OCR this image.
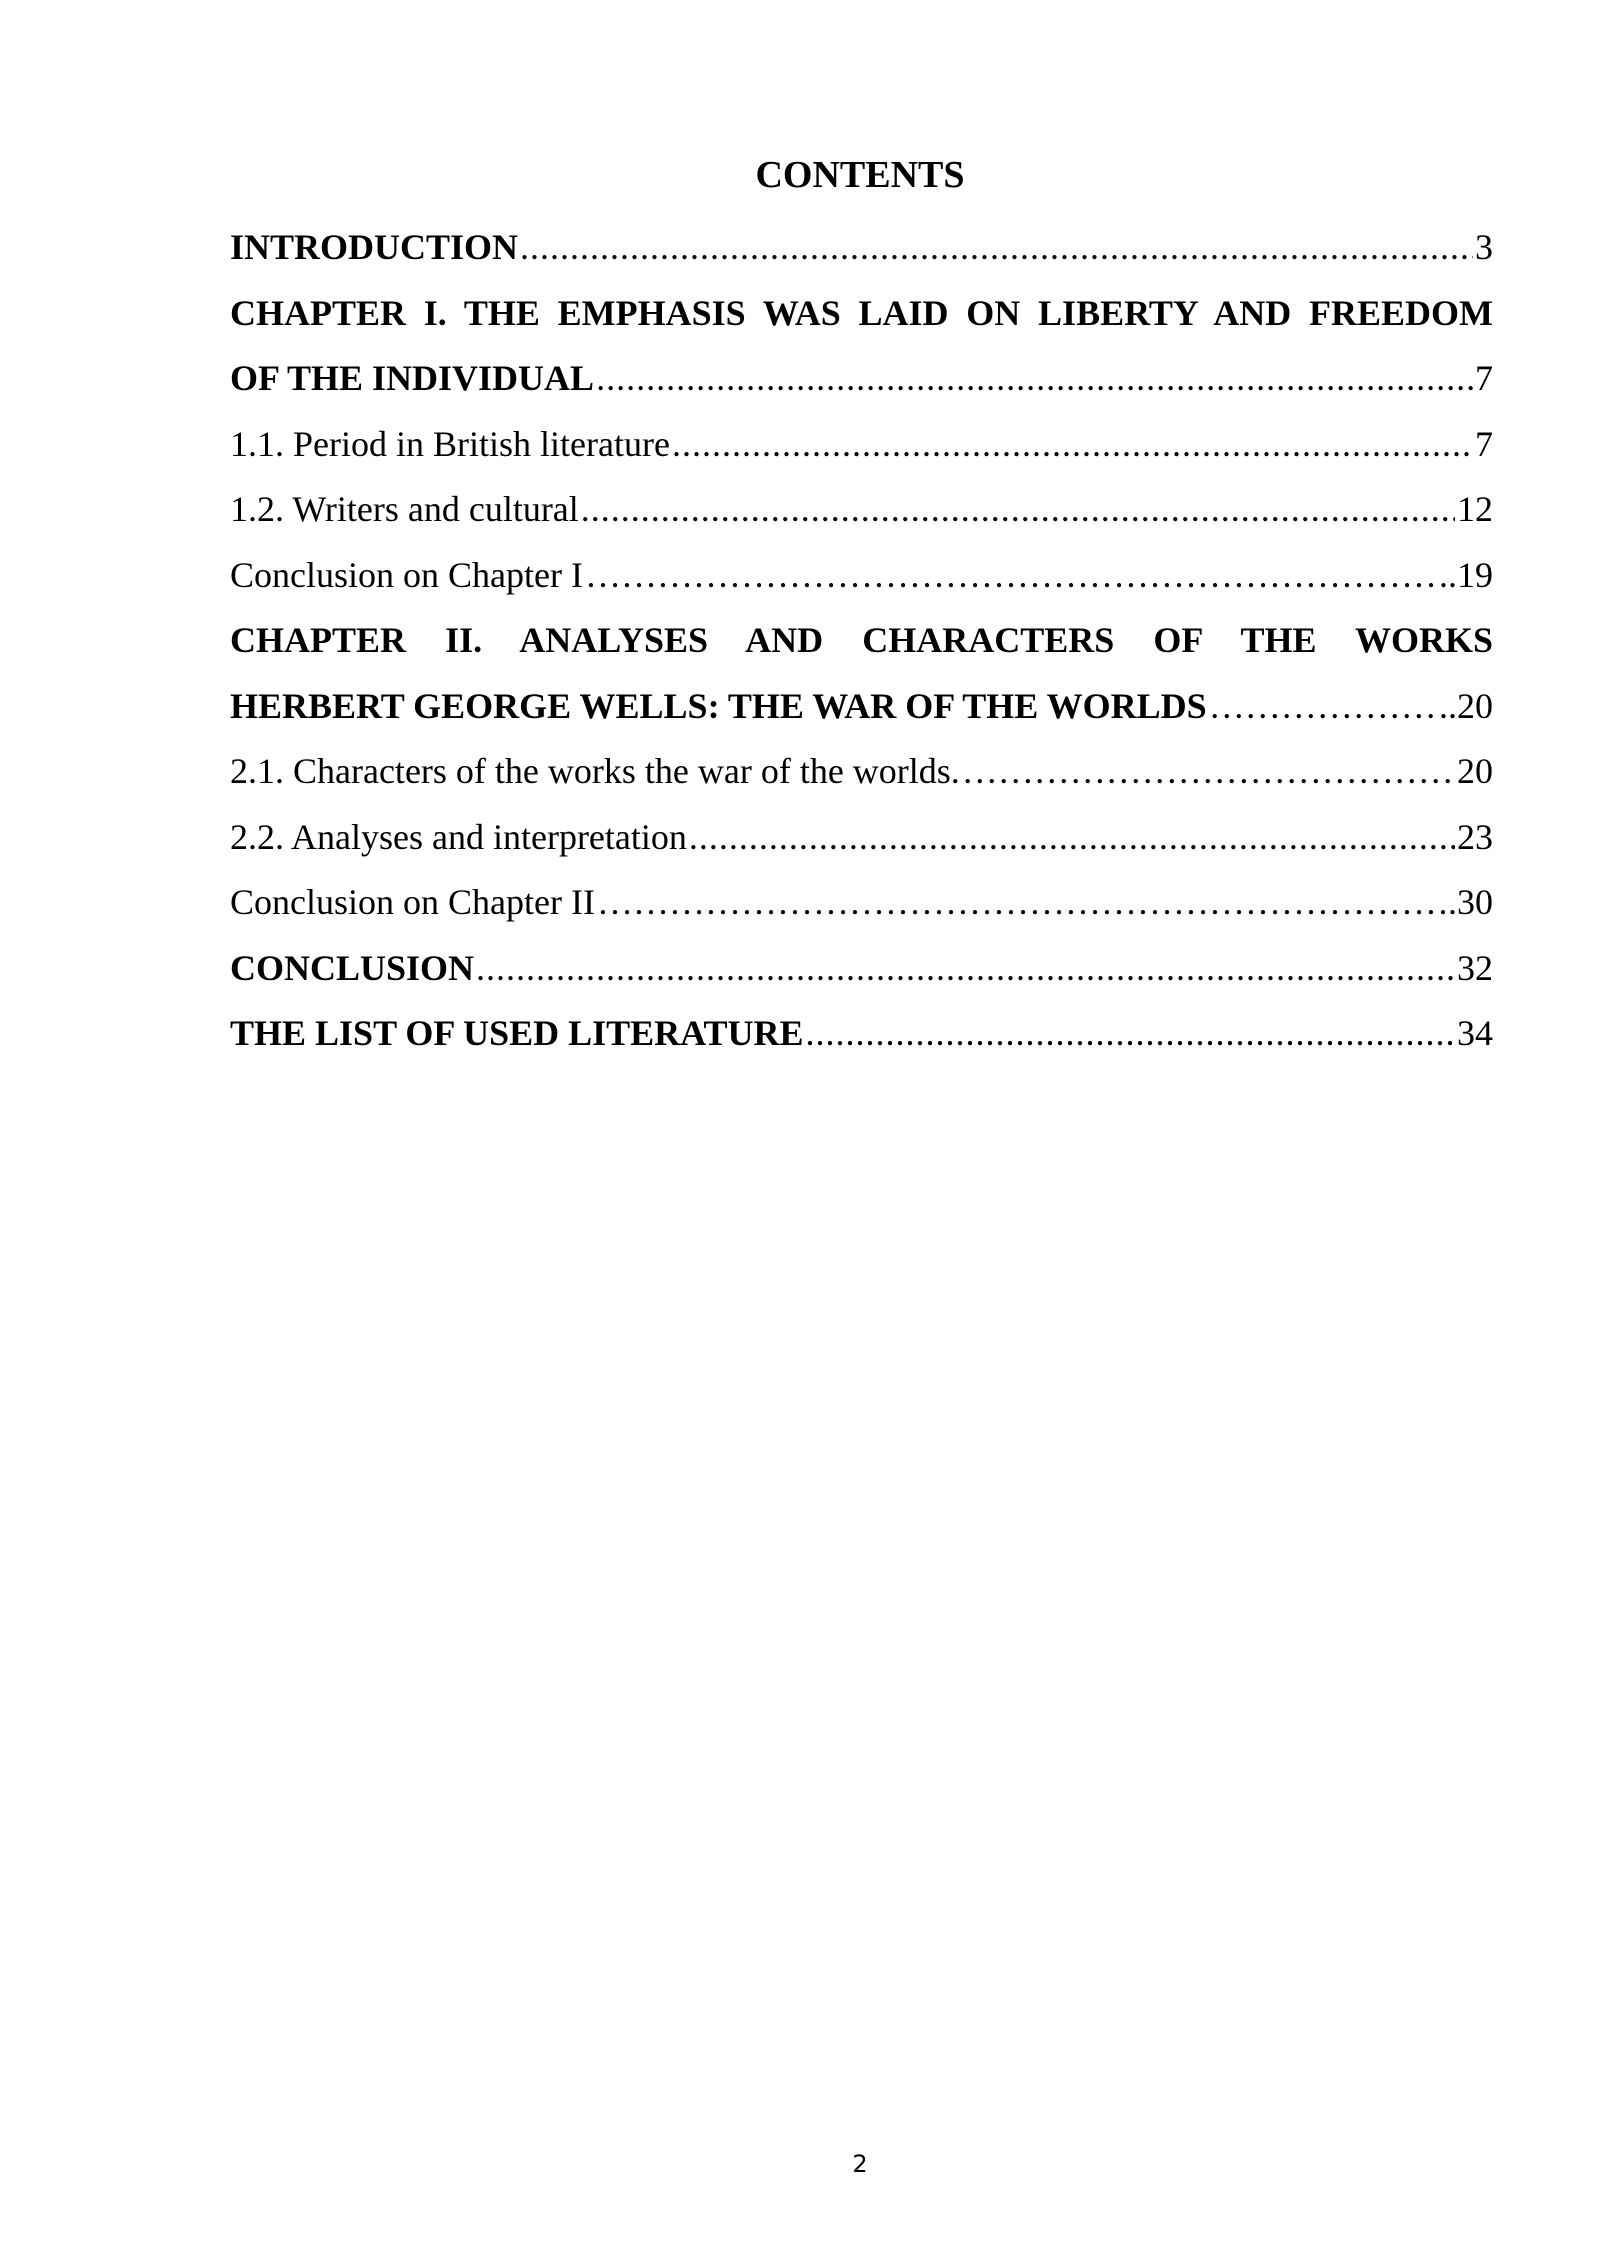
CONTENTS
INTRODUCTION .....	3
CHAPTER I. THE EMPHASIS WAS LAID ON LIBERTY AND FREEDOM
OF THE INDIVIDUAL .....	7
1.1. Period in British literature .....	7
1.2. Writers and cultural .....	12
Conclusion on Chapter I ………………………………………………………………………………………………………………………………………………………………………………………………………………………	..19
CHAPTER II. ANALYSES AND CHARACTERS OF THE WORKS
HERBERT GEORGE WELLS: THE WAR OF THE WORLDS ………………………………………………………………………………………………………………………………………………………………………………………………………………………	..20
2.1. Characters of the works the war of the worlds. ………………………………………………………………………………………………………………………………………………………………………………………………………………………	20
2.2. Analyses and interpretation .....	23
Conclusion on Chapter II ………………………………………………………………………………………………………………………………………………………………………………………………………………………	.30
CONCLUSION .....	32
THE LIST OF USED LITERATURE .....	34
2
